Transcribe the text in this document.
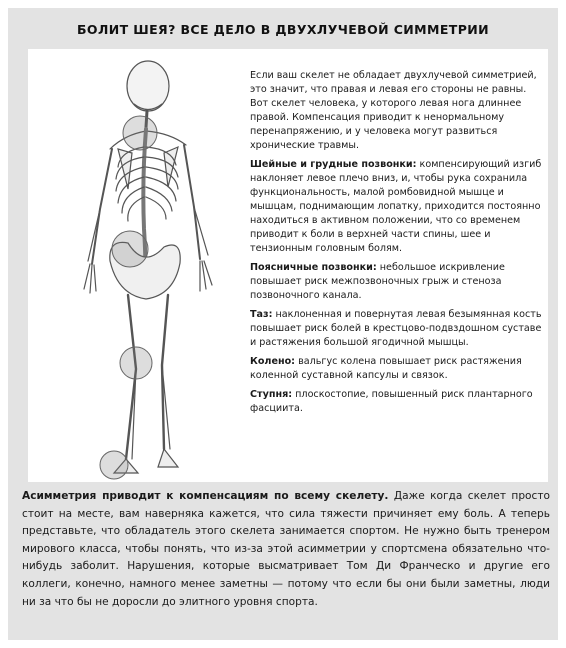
БОЛИТ ШЕЯ? ВСЕ ДЕЛО В ДВУХЛУЧЕВОЙ СИММЕТРИИ

Если ваш скелет не обладает двухлучевой симметрией, это значит, что правая и левая его стороны не равны. Вот скелет человека, у которого левая нога длиннее правой. Компенсация приводит к ненормальному перенапряжению, и у человека могут развиться хронические травмы.

Шейные и грудные позвонки: компенсирующий изгиб наклоняет левое плечо вниз, и, чтобы рука сохранила функциональность, малой ромбовидной мышце и мышцам, поднимающим лопатку, приходится постоянно находиться в активном положении, что со временем приводит к боли в верхней части спины, шее и тензионным головным болям.

Поясничные позвонки: небольшое искривление повышает риск межпозвоночных грыж и стеноза позвоночного канала.

Таз: наклоненная и повернутая левая безымянная кость повышает риск болей в крестцово-подвздошном суставе и растяжения большой ягодичной мышцы.

Колено: вальгус колена повышает риск растяжения коленной суставной капсулы и связок.

Ступня: плоскостопие, повышенный риск плантарного фасциита.

Асимметрия приводит к компенсациям по всему скелету. Даже когда скелет просто стоит на месте, вам наверняка кажется, что сила тяжести причиняет ему боль. А теперь представьте, что обладатель этого скелета занимается спортом. Не нужно быть тренером мирового класса, чтобы понять, что из-за этой асимметрии у спортсмена обязательно что-нибудь заболит. Нарушения, которые высматривает Том Ди Франческо и другие его коллеги, конечно, намного менее заметны — потому что если бы они были заметны, люди ни за что бы не доросли до элитного уровня спорта.
